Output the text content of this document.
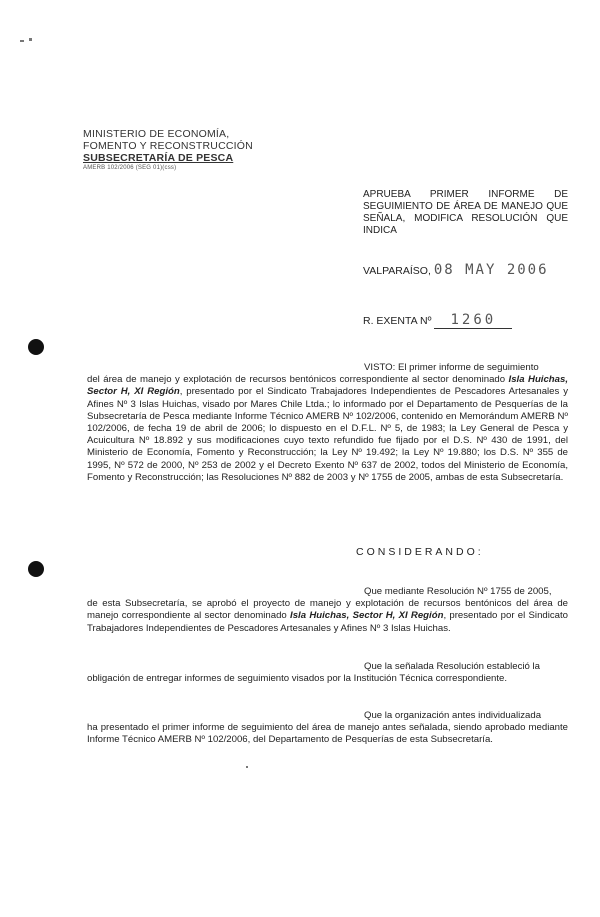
MINISTERIO DE ECONOMÍA,
FOMENTO Y RECONSTRUCCIÓN
SUBSECRETARÍA DE PESCA
AMERB 102/2006 (SEG 01)(css)
APRUEBA PRIMER INFORME DE SEGUIMIENTO DE ÁREA DE MANEJO QUE SEÑALA, MODIFICA RESOLUCIÓN QUE INDICA
VALPARAÍSO, 08 MAY 2006
R. EXENTA Nº 1260
VISTO: El primer informe de seguimiento
del área de manejo y explotación de recursos bentónicos correspondiente al sector denominado Isla Huichas, Sector H, XI Región, presentado por el Sindicato Trabajadores Independientes de Pescadores Artesanales y Afines Nº 3 Islas Huichas, visado por Mares Chile Ltda.; lo informado por el Departamento de Pesquerías de la Subsecretaría de Pesca mediante Informe Técnico AMERB Nº 102/2006, contenido en Memorándum AMERB Nº 102/2006, de fecha 19 de abril de 2006; lo dispuesto en el D.F.L. Nº 5, de 1983; la Ley General de Pesca y Acuicultura Nº 18.892 y sus modificaciones cuyo texto refundido fue fijado por el D.S. Nº 430 de 1991, del Ministerio de Economía, Fomento y Reconstrucción; la Ley Nº 19.492; la Ley Nº 19.880; los D.S. Nº 355 de 1995, Nº 572 de 2000, Nº 253 de 2002 y el Decreto Exento Nº 637 de 2002, todos del Ministerio de Economía, Fomento y Reconstrucción; las Resoluciones Nº 882 de 2003 y Nº 1755 de 2005, ambas de esta Subsecretaría.
CONSIDERANDO:
Que mediante Resolución Nº 1755 de 2005,
de esta Subsecretaría, se aprobó el proyecto de manejo y explotación de recursos bentónicos del área de manejo correspondiente al sector denominado Isla Huichas, Sector H, XI Región, presentado por el Sindicato Trabajadores Independientes de Pescadores Artesanales y Afines Nº 3 Islas Huichas.
Que la señalada Resolución estableció la
obligación de entregar informes de seguimiento visados por la Institución Técnica correspondiente.
Que la organización antes individualizada
ha presentado el primer informe de seguimiento del área de manejo antes señalada, siendo aprobado mediante Informe Técnico AMERB Nº 102/2006, del Departamento de Pesquerías de esta Subsecretaría.
